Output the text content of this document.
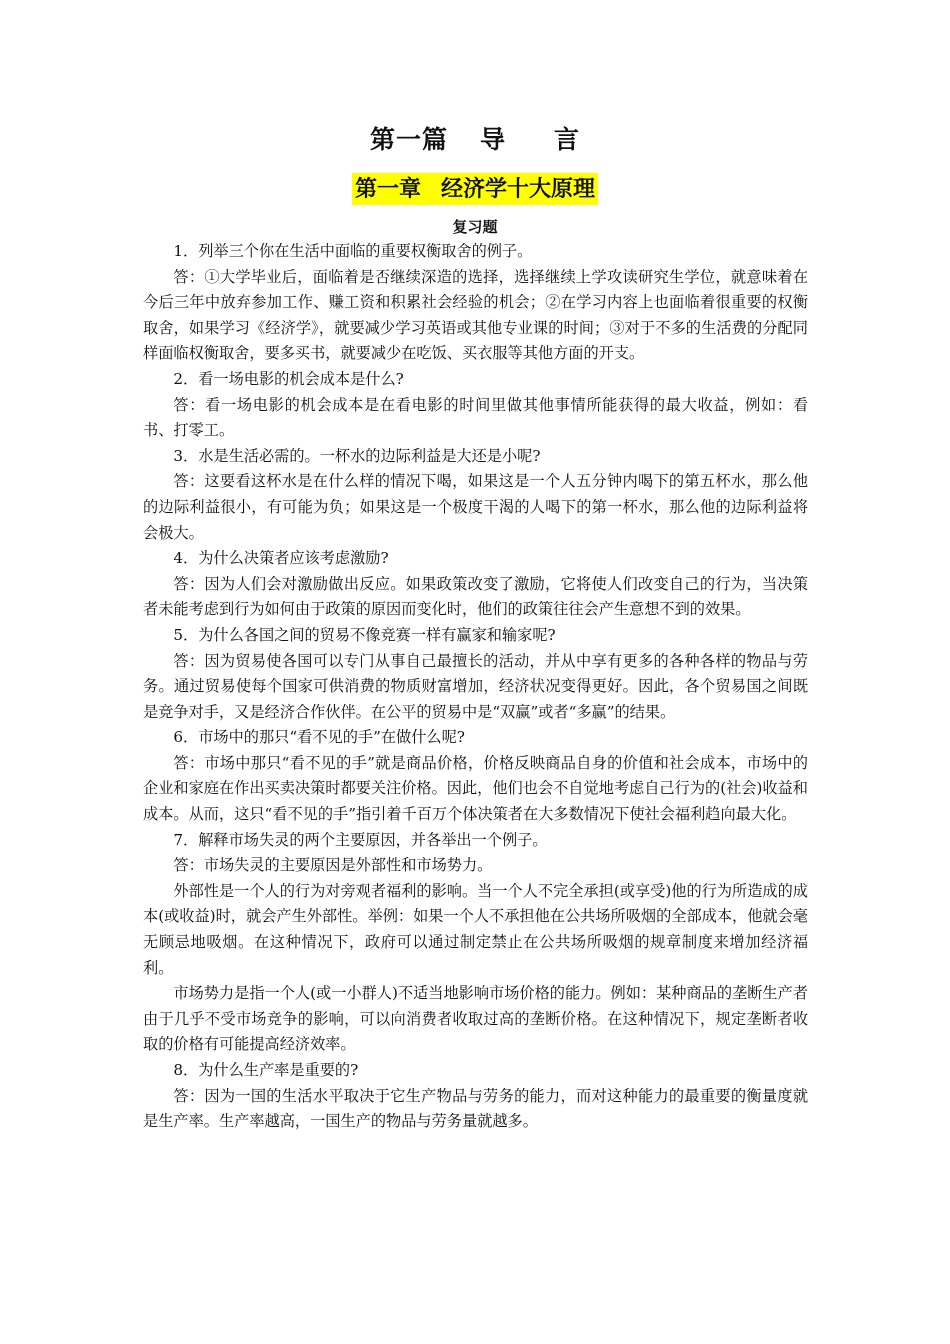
第一篇 导 言
第一章 经济学十大原理
复习题

1．列举三个你在生活中面临的重要权衡取舍的例子。

答：①大学毕业后，面临着是否继续深造的选择，选择继续上学攻读研究生学位，就意味着在今后三年中放弃参加工作、赚工资和积累社会经验的机会；②在学习内容上也面临着很重要的权衡取舍，如果学习《经济学》，就要减少学习英语或其他专业课的时间；③对于不多的生活费的分配同样面临权衡取舍，要多买书，就要减少在吃饭、买衣服等其他方面的开支。

2．看一场电影的机会成本是什么?

答：看一场电影的机会成本是在看电影的时间里做其他事情所能获得的最大收益，例如：看书、打零工。

3．水是生活必需的。一杯水的边际利益是大还是小呢?

答：这要看这杯水是在什么样的情况下喝，如果这是一个人五分钟内喝下的第五杯水，那么他的边际利益很小，有可能为负；如果这是一个极度干渴的人喝下的第一杯水，那么他的边际利益将会极大。

4．为什么决策者应该考虑激励?

答：因为人们会对激励做出反应。如果政策改变了激励，它将使人们改变自己的行为，当决策者未能考虑到行为如何由于政策的原因而变化时，他们的政策往往会产生意想不到的效果。

5．为什么各国之间的贸易不像竞赛一样有赢家和输家呢?

答：因为贸易使各国可以专门从事自己最擅长的活动，并从中享有更多的各种各样的物品与劳务。通过贸易使每个国家可供消费的物质财富增加，经济状况变得更好。因此，各个贸易国之间既是竞争对手，又是经济合作伙伴。在公平的贸易中是“双赢”或者“多赢”的结果。

6．市场中的那只“看不见的手”在做什么呢?

答：市场中那只“看不见的手”就是商品价格，价格反映商品自身的价值和社会成本，市场中的企业和家庭在作出买卖决策时都要关注价格。因此，他们也会不自觉地考虑自己行为的(社会)收益和成本。从而，这只“看不见的手”指引着千百万个体决策者在大多数情况下使社会福利趋向最大化。

7．解释市场失灵的两个主要原因，并各举出一个例子。

答：市场失灵的主要原因是外部性和市场势力。

外部性是一个人的行为对旁观者福利的影响。当一个人不完全承担(或享受)他的行为所造成的成本(或收益)时，就会产生外部性。举例：如果一个人不承担他在公共场所吸烟的全部成本，他就会毫无顾忌地吸烟。在这种情况下，政府可以通过制定禁止在公共场所吸烟的规章制度来增加经济福利。

市场势力是指一个人(或一小群人)不适当地影响市场价格的能力。例如：某种商品的垄断生产者由于几乎不受市场竞争的影响，可以向消费者收取过高的垄断价格。在这种情况下，规定垄断者收取的价格有可能提高经济效率。

8．为什么生产率是重要的?

答：因为一国的生活水平取决于它生产物品与劳务的能力，而对这种能力的最重要的衡量度就是生产率。生产率越高，一国生产的物品与劳务量就越多。
